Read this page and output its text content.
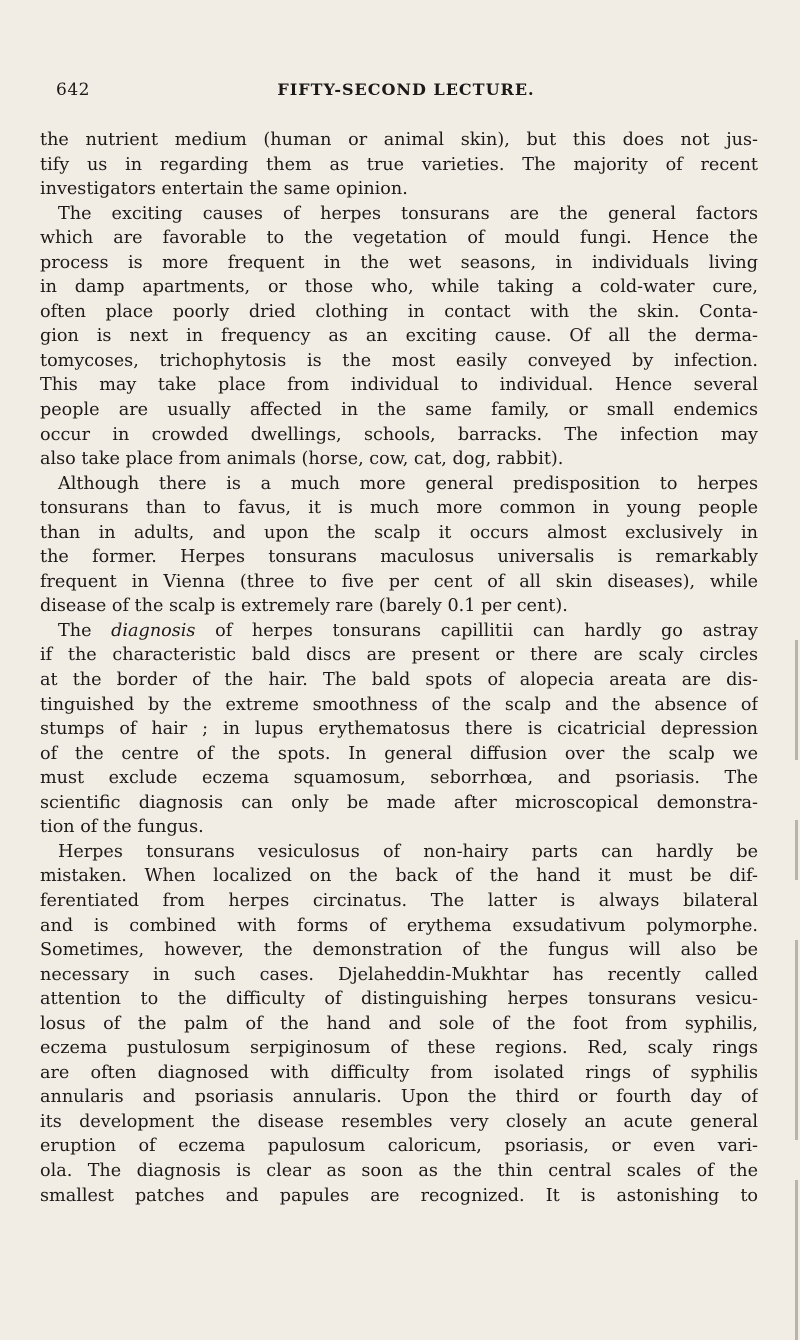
642	FIFTY-SECOND LECTURE.
the nutrient medium (human or animal skin), but this does not jus-
tify us in regarding them as true varieties. The majority of recent
investigators entertain the same opinion.
The exciting causes of herpes tonsurans are the general factors
which are favorable to the vegetation of mould fungi. Hence the
process is more frequent in the wet seasons, in individuals living
in damp apartments, or those who, while taking a cold-water cure,
often place poorly dried clothing in contact with the skin. Conta-
gion is next in frequency as an exciting cause. Of all the derma-
tomycoses, trichophytosis is the most easily conveyed by infection.
This may take place from individual to individual. Hence several
people are usually affected in the same family, or small endemics
occur in crowded dwellings, schools, barracks. The infection may
also take place from animals (horse, cow, cat, dog, rabbit).
Although there is a much more general predisposition to herpes
tonsurans than to favus, it is much more common in young people
than in adults, and upon the scalp it occurs almost exclusively in
the former. Herpes tonsurans maculosus universalis is remarkably
frequent in Vienna (three to five per cent of all skin diseases), while
disease of the scalp is extremely rare (barely 0.1 per cent).
The diagnosis of herpes tonsurans capillitii can hardly go astray
if the characteristic bald discs are present or there are scaly circles
at the border of the hair. The bald spots of alopecia areata are dis-
tinguished by the extreme smoothness of the scalp and the absence of
stumps of hair ; in lupus erythematosus there is cicatricial depression
of the centre of the spots. In general diffusion over the scalp we
must exclude eczema squamosum, seborrhœa, and psoriasis. The
scientific diagnosis can only be made after microscopical demonstra-
tion of the fungus.
Herpes tonsurans vesiculosus of non-hairy parts can hardly be
mistaken. When localized on the back of the hand it must be dif-
ferentiated from herpes circinatus. The latter is always bilateral
and is combined with forms of erythema exsudativum polymorphe.
Sometimes, however, the demonstration of the fungus will also be
necessary in such cases. Djelaheddin-Mukhtar has recently called
attention to the difficulty of distinguishing herpes tonsurans vesicu-
losus of the palm of the hand and sole of the foot from syphilis,
eczema pustulosum serpiginosum of these regions. Red, scaly rings
are often diagnosed with difficulty from isolated rings of syphilis
annularis and psoriasis annularis. Upon the third or fourth day of
its development the disease resembles very closely an acute general
eruption of eczema papulosum caloricum, psoriasis, or even vari-
ola. The diagnosis is clear as soon as the thin central scales of the
smallest patches and papules are recognized. It is astonishing to
